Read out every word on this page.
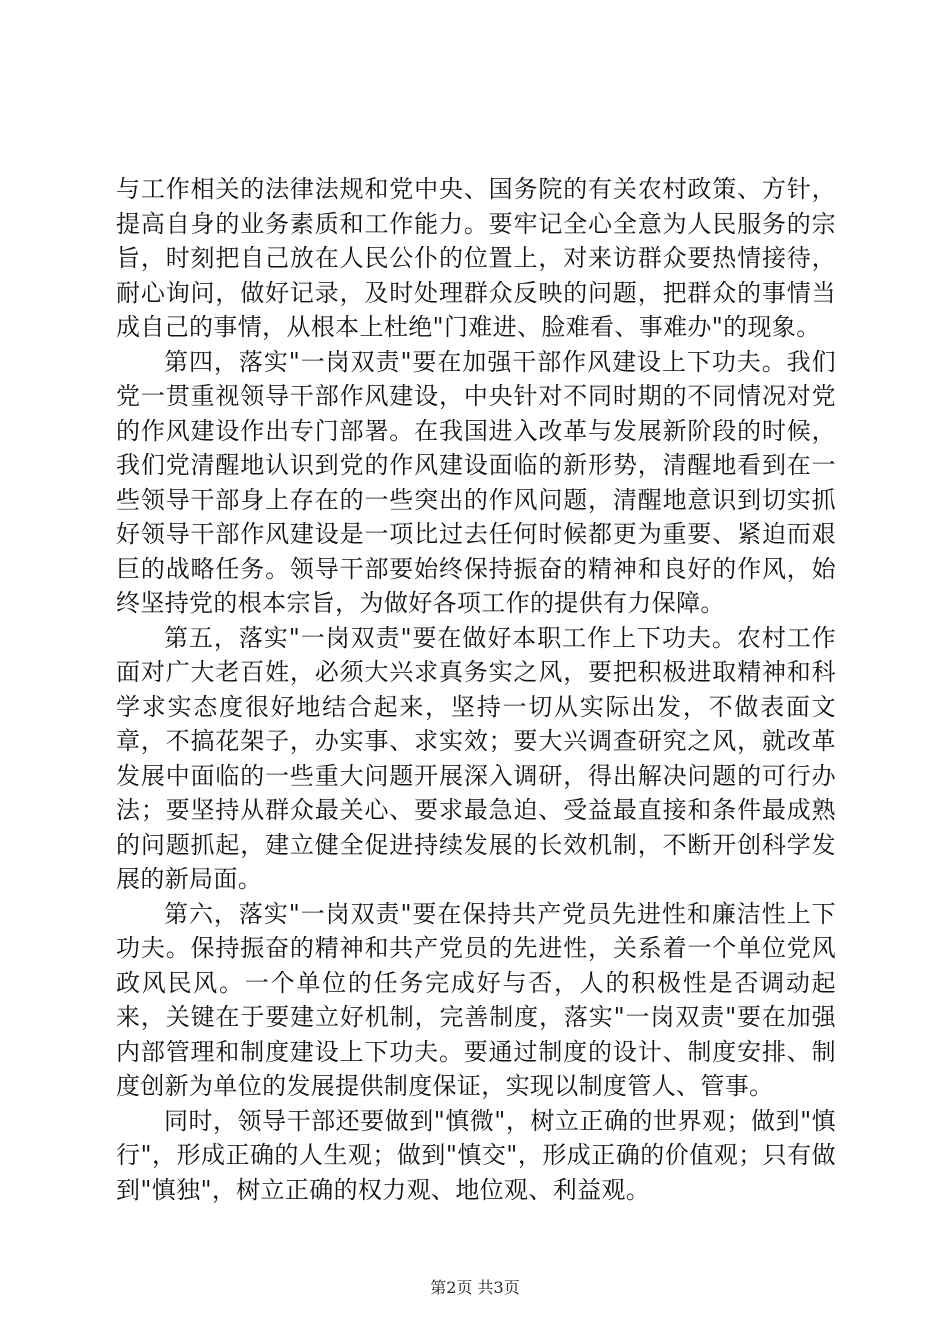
与工作相关的法律法规和党中央、国务院的有关农村政策、方针，提高自身的业务素质和工作能力。要牢记全心全意为人民服务的宗旨，时刻把自己放在人民公仆的位置上，对来访群众要热情接待，耐心询问，做好记录，及时处理群众反映的问题，把群众的事情当成自己的事情，从根本上杜绝"门难进、脸难看、事难办"的现象。

第四，落实"一岗双责"要在加强干部作风建设上下功夫。我们党一贯重视领导干部作风建设，中央针对不同时期的不同情况对党的作风建设作出专门部署。在我国进入改革与发展新阶段的时候，我们党清醒地认识到党的作风建设面临的新形势，清醒地看到在一些领导干部身上存在的一些突出的作风问题，清醒地意识到切实抓好领导干部作风建设是一项比过去任何时候都更为重要、紧迫而艰巨的战略任务。领导干部要始终保持振奋的精神和良好的作风，始终坚持党的根本宗旨，为做好各项工作的提供有力保障。

第五，落实"一岗双责"要在做好本职工作上下功夫。农村工作面对广大老百姓，必须大兴求真务实之风，要把积极进取精神和科学求实态度很好地结合起来，坚持一切从实际出发，不做表面文章，不搞花架子，办实事、求实效；要大兴调查研究之风，就改革发展中面临的一些重大问题开展深入调研，得出解决问题的可行办法；要坚持从群众最关心、要求最急迫、受益最直接和条件最成熟的问题抓起，建立健全促进持续发展的长效机制，不断开创科学发展的新局面。

第六，落实"一岗双责"要在保持共产党员先进性和廉洁性上下功夫。保持振奋的精神和共产党员的先进性，关系着一个单位党风政风民风。一个单位的任务完成好与否，人的积极性是否调动起来，关键在于要建立好机制，完善制度，落实"一岗双责"要在加强内部管理和制度建设上下功夫。要通过制度的设计、制度安排、制度创新为单位的发展提供制度保证，实现以制度管人、管事。

同时，领导干部还要做到"慎微"，树立正确的世界观；做到"慎行"，形成正确的人生观；做到"慎交"，形成正确的价值观；只有做到"慎独"，树立正确的权力观、地位观、利益观。

第2页 共3页
